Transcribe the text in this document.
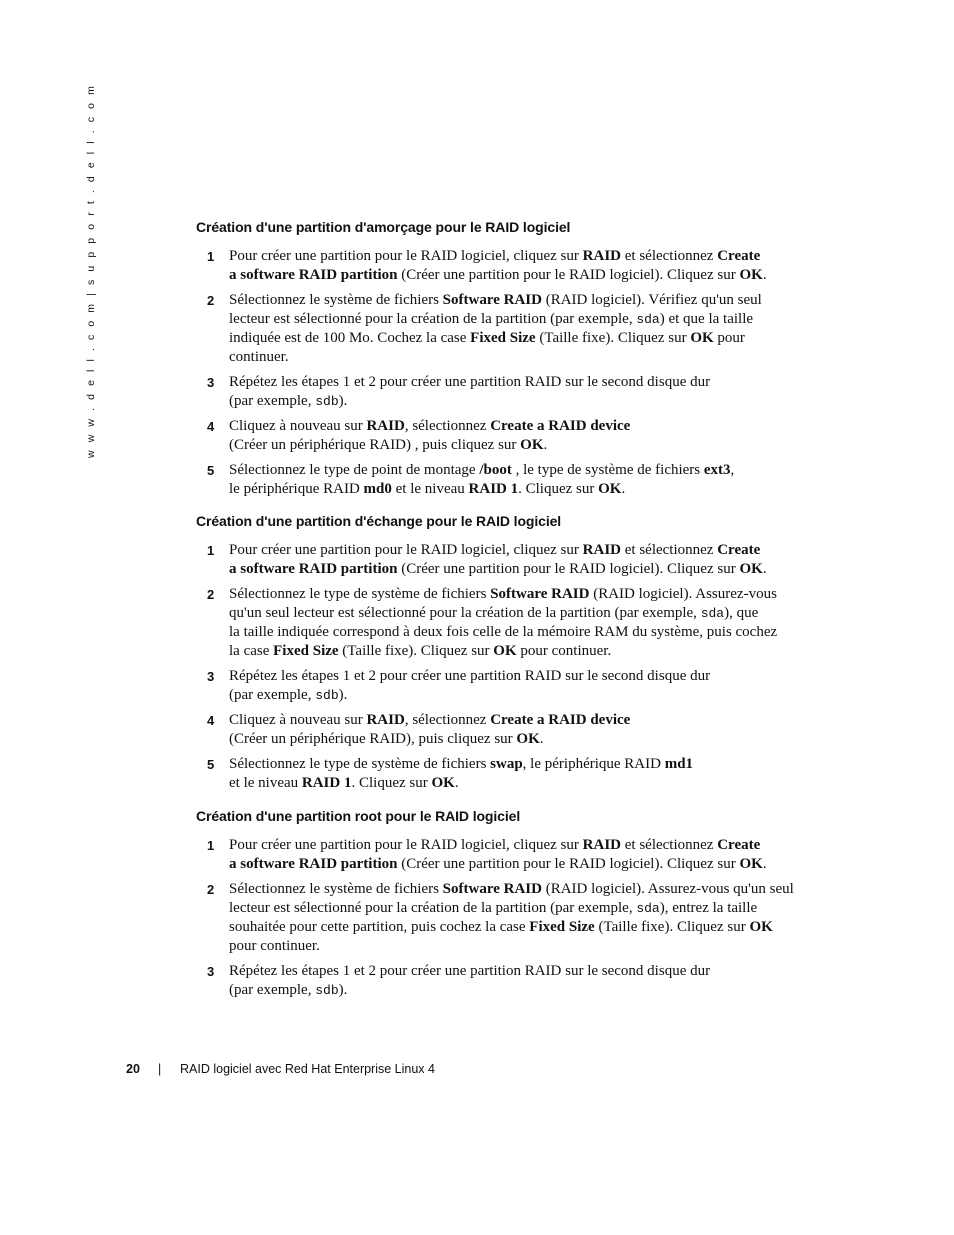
w w w . d e l l . c o m | s u p p o r t . d e l l . c o m	Création d'une partition d'amorçage pour le RAID logiciel
1 Pour créer une partition pour le RAID logiciel, cliquez sur RAID et sélectionnez Create
a software RAID partition (Créer une partition pour le RAID logiciel). Cliquez sur OK.
2 Sélectionnez le système de fichiers Software RAID (RAID logiciel). Vérifiez qu'un seul
lecteur est sélectionné pour la création de la partition (par exemple, sda) et que la taille
indiquée est de 100 Mo. Cochez la case Fixed Size (Taille fixe). Cliquez sur OK pour
continuer.
3 Répétez les étapes 1 et 2 pour créer une partition RAID sur le second disque dur
(par exemple, sdb).
4 Cliquez à nouveau sur RAID, sélectionnez Create a RAID device
(Créer un périphérique RAID) , puis cliquez sur OK.
5 Sélectionnez le type de point de montage /boot , le type de système de fichiers ext3,
le périphérique RAID md0 et le niveau RAID 1. Cliquez sur OK.
Création d'une partition d'échange pour le RAID logiciel
1 Pour créer une partition pour le RAID logiciel, cliquez sur RAID et sélectionnez Create
a software RAID partition (Créer une partition pour le RAID logiciel). Cliquez sur OK.
2 Sélectionnez le type de système de fichiers Software RAID (RAID logiciel). Assurez-vous
qu'un seul lecteur est sélectionné pour la création de la partition (par exemple, sda), que
la taille indiquée correspond à deux fois celle de la mémoire RAM du système, puis cochez
la case Fixed Size (Taille fixe). Cliquez sur OK pour continuer.
3 Répétez les étapes 1 et 2 pour créer une partition RAID sur le second disque dur
(par exemple, sdb).
4 Cliquez à nouveau sur RAID, sélectionnez Create a RAID device
(Créer un périphérique RAID), puis cliquez sur OK.
5 Sélectionnez le type de système de fichiers swap, le périphérique RAID md1
et le niveau RAID 1. Cliquez sur OK.
Création d'une partition root pour le RAID logiciel
1 Pour créer une partition pour le RAID logiciel, cliquez sur RAID et sélectionnez Create
a software RAID partition (Créer une partition pour le RAID logiciel). Cliquez sur OK.
2 Sélectionnez le système de fichiers Software RAID (RAID logiciel). Assurez-vous qu'un seul
lecteur est sélectionné pour la création de la partition (par exemple, sda), entrez la taille
souhaitée pour cette partition, puis cochez la case Fixed Size (Taille fixe). Cliquez sur OK
pour continuer.
3 Répétez les étapes 1 et 2 pour créer une partition RAID sur le second disque dur
(par exemple, sdb).
20 | RAID logiciel avec Red Hat Enterprise Linux 4
